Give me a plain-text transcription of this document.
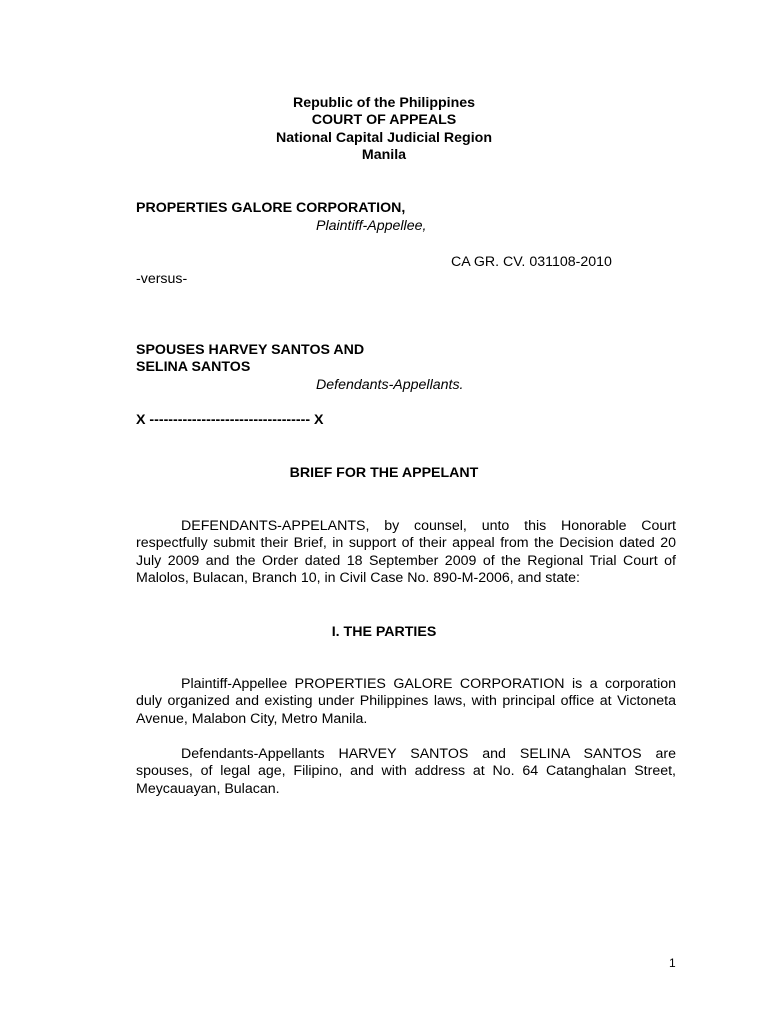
Republic of the Philippines
COURT OF APPEALS
National Capital Judicial Region
Manila
PROPERTIES GALORE CORPORATION,
Plaintiff-Appellee,
CA GR. CV. 031108-2010
-versus-
SPOUSES HARVEY SANTOS AND
SELINA SANTOS
Defendants-Appellants.
X ---------------------------------- X
BRIEF FOR THE APPELANT
DEFENDANTS-APPELANTS, by counsel, unto this Honorable Court respectfully submit their Brief, in support of their appeal from the Decision dated 20 July 2009 and the Order dated 18 September 2009 of the Regional Trial Court of Malolos, Bulacan, Branch 10, in Civil Case No. 890-M-2006, and state:
I. THE PARTIES
Plaintiff-Appellee PROPERTIES GALORE CORPORATION is a corporation duly organized and existing under Philippines laws, with principal office at Victoneta Avenue, Malabon City, Metro Manila.
Defendants-Appellants HARVEY SANTOS and SELINA SANTOS are spouses, of legal age, Filipino, and with address at No. 64 Catanghalan Street, Meycauayan, Bulacan.
1
